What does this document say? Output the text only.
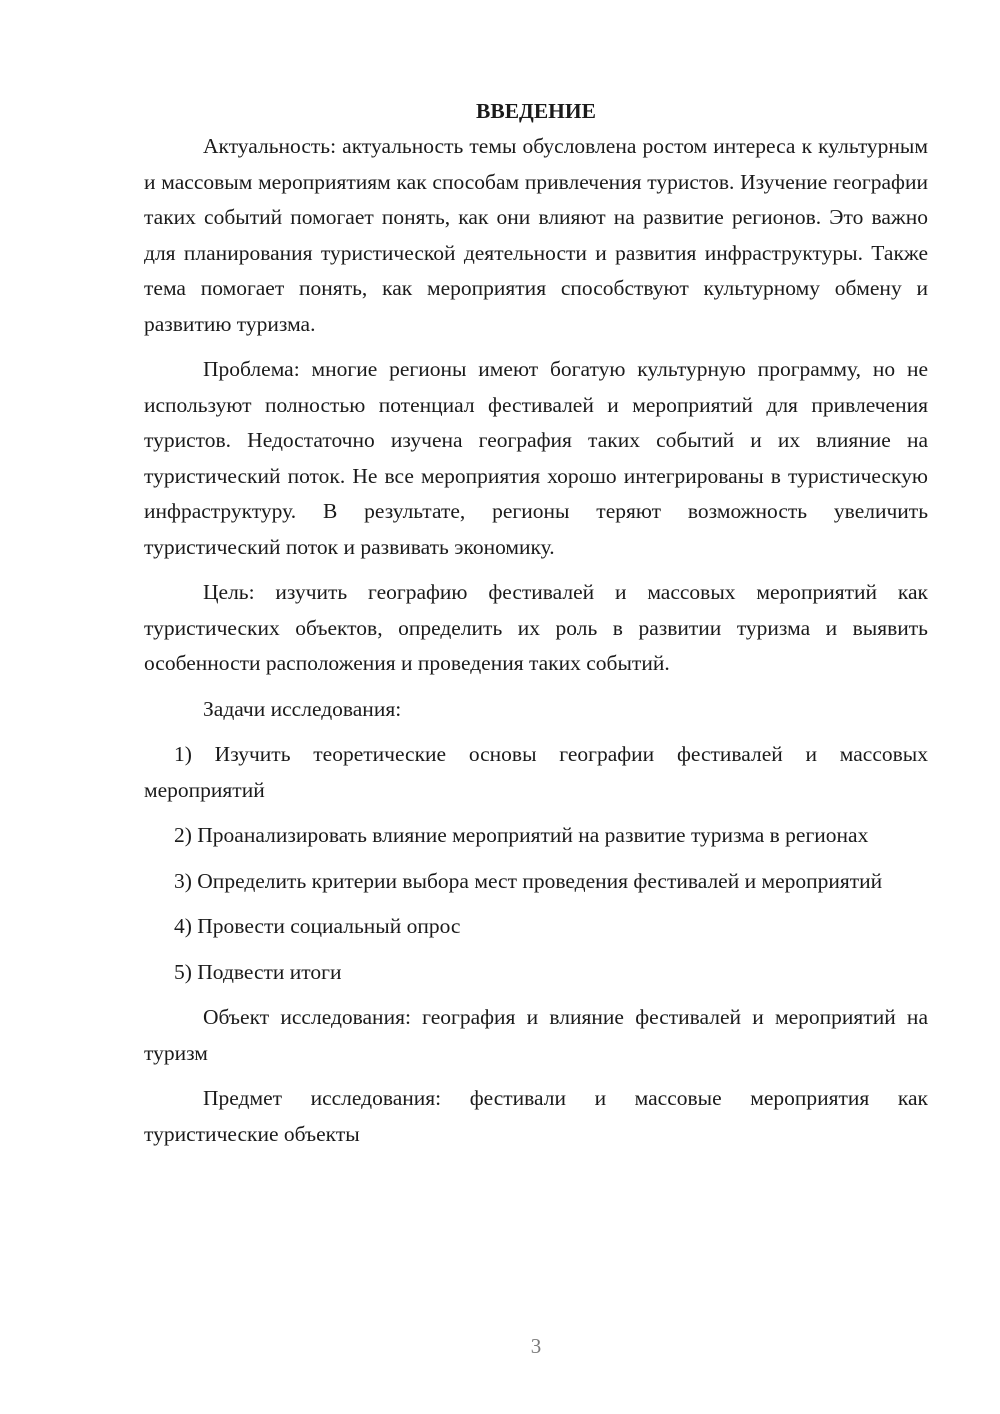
ВВЕДЕНИЕ

Актуальность: актуальность темы обусловлена ростом интереса к культурным и массовым мероприятиям как способам привлечения туристов. Изучение географии таких событий помогает понять, как они влияют на развитие регионов. Это важно для планирования туристической деятельности и развития инфраструктуры. Также тема помогает понять, как мероприятия способствуют культурному обмену и развитию туризма.

Проблема: многие регионы имеют богатую культурную программу, но не используют полностью потенциал фестивалей и мероприятий для привлечения туристов. Недостаточно изучена география таких событий и их влияние на туристический поток. Не все мероприятия хорошо интегрированы в туристическую инфраструктуру. В результате, регионы теряют возможность увеличить туристический поток и развивать экономику.

Цель: изучить географию фестивалей и массовых мероприятий как туристических объектов, определить их роль в развитии туризма и выявить особенности расположения и проведения таких событий.

Задачи исследования:

1) Изучить теоретические основы географии фестивалей и массовых мероприятий

2) Проанализировать влияние мероприятий на развитие туризма в регионах

3) Определить критерии выбора мест проведения фестивалей и мероприятий

4) Провести социальный опрос

5) Подвести итоги

Объект исследования: география и влияние фестивалей и мероприятий на туризм

Предмет исследования: фестивали и массовые мероприятия как туристические объекты

3
